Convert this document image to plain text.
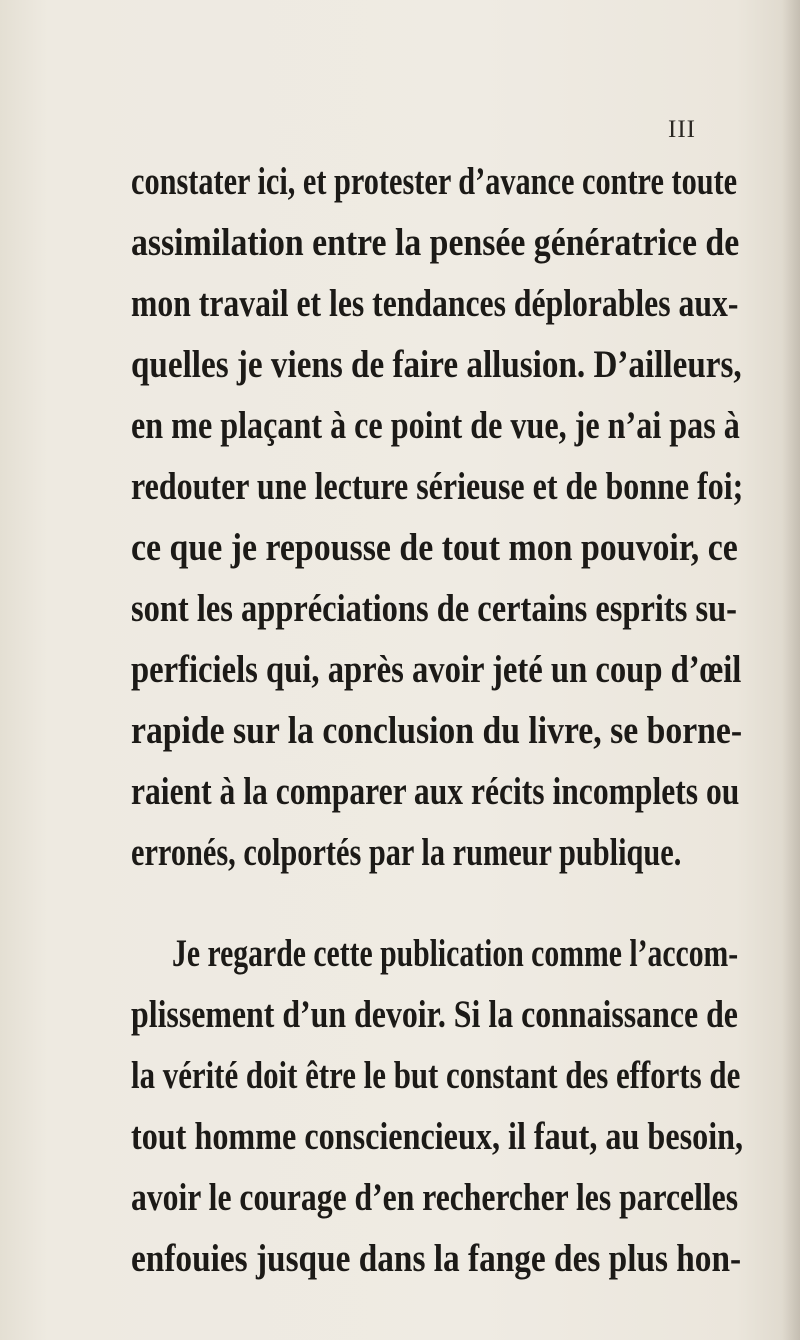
III
constater ici, et protester d’avance contre toute
assimilation entre la pensée génératrice de
mon travail et les tendances déplorables aux-
quelles je viens de faire allusion. D’ailleurs,
en me plaçant à ce point de vue, je n’ai pas à
redouter une lecture sérieuse et de bonne foi;
ce que je repousse de tout mon pouvoir, ce
sont les appréciations de certains esprits su-
perficiels qui, après avoir jeté un coup d’œil
rapide sur la conclusion du livre, se borne-
raient à la comparer aux récits incomplets ou
erronés, colportés par la rumeur publique.
Je regarde cette publication comme l’accom-
plissement d’un devoir. Si la connaissance de
la vérité doit être le but constant des efforts de
tout homme consciencieux, il faut, au besoin,
avoir le courage d’en rechercher les parcelles
enfouies jusque dans la fange des plus hon-
